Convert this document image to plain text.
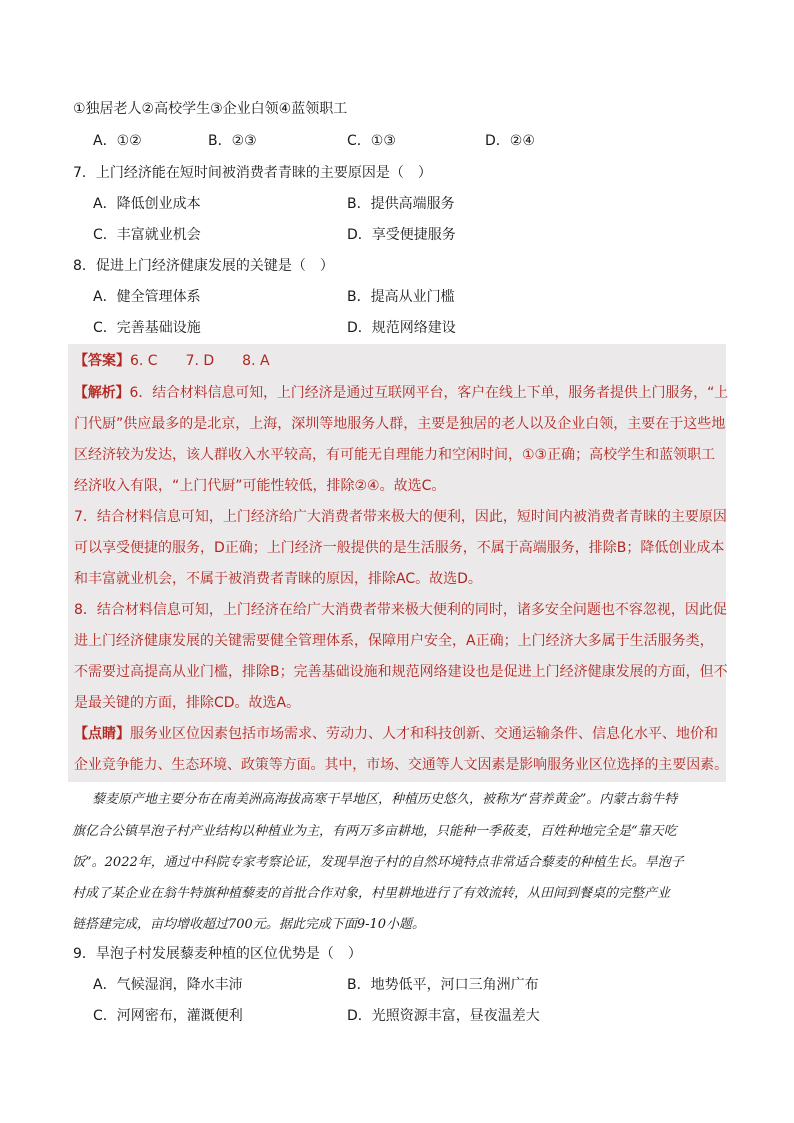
①独居老人②高校学生③企业白领④蓝领职工
A．①②	B．②③	C．①③	D．②④
7．上门经济能在短时间被消费者青睐的主要原因是（　）
A．降低创业成本	B．提供高端服务
C．丰富就业机会	D．享受便捷服务
8．促进上门经济健康发展的关键是（　）
A．健全管理体系	B．提高从业门槛
C．完善基础设施	D．规范网络建设
【答案】6. C　　7. D　　8. A
【解析】6．结合材料信息可知，上门经济是通过互联网平台，客户在线上下单，服务者提供上门服务，“上
门代厨”供应最多的是北京，上海，深圳等地服务人群，主要是独居的老人以及企业白领，主要在于这些地
区经济较为发达，该人群收入水平较高，有可能无自理能力和空闲时间，①③正确；高校学生和蓝领职工
经济收入有限，“上门代厨”可能性较低，排除②④。故选C。
7．结合材料信息可知，上门经济给广大消费者带来极大的便利，因此，短时间内被消费者青睐的主要原因
可以享受便捷的服务，D正确；上门经济一般提供的是生活服务，不属于高端服务，排除B；降低创业成本
和丰富就业机会，不属于被消费者青睐的原因，排除AC。故选D。
8．结合材料信息可知，上门经济在给广大消费者带来极大便利的同时，诸多安全问题也不容忽视，因此促
进上门经济健康发展的关键需要健全管理体系，保障用户安全，A正确；上门经济大多属于生活服务类，
不需要过高提高从业门槛，排除B；完善基础设施和规范网络建设也是促进上门经济健康发展的方面，但不
是最关键的方面，排除CD。故选A。
【点睛】服务业区位因素包括市场需求、劳动力、人才和科技创新、交通运输条件、信息化水平、地价和
企业竞争能力、生态环境、政策等方面。其中，市场、交通等人文因素是影响服务业区位选择的主要因素。
藜麦原产地主要分布在南美洲高海拔高寒干旱地区，种植历史悠久，被称为“营养黄金”。内蒙古翁牛特
旗亿合公镇旱泡子村产业结构以种植业为主，有两万多亩耕地，只能种一季莜麦，百姓种地完全是“靠天吃
饭”。2022年，通过中科院专家考察论证，发现旱泡子村的自然环境特点非常适合藜麦的种植生长。旱泡子
村成了某企业在翁牛特旗种植藜麦的首批合作对象，村里耕地进行了有效流转，从田间到餐桌的完整产业
链搭建完成，亩均增收超过700元。据此完成下面9-10小题。
9．旱泡子村发展藜麦种植的区位优势是（　）
A．气候湿润，降水丰沛	B．地势低平，河口三角洲广布
C．河网密布，灌溉便利	D．光照资源丰富，昼夜温差大
